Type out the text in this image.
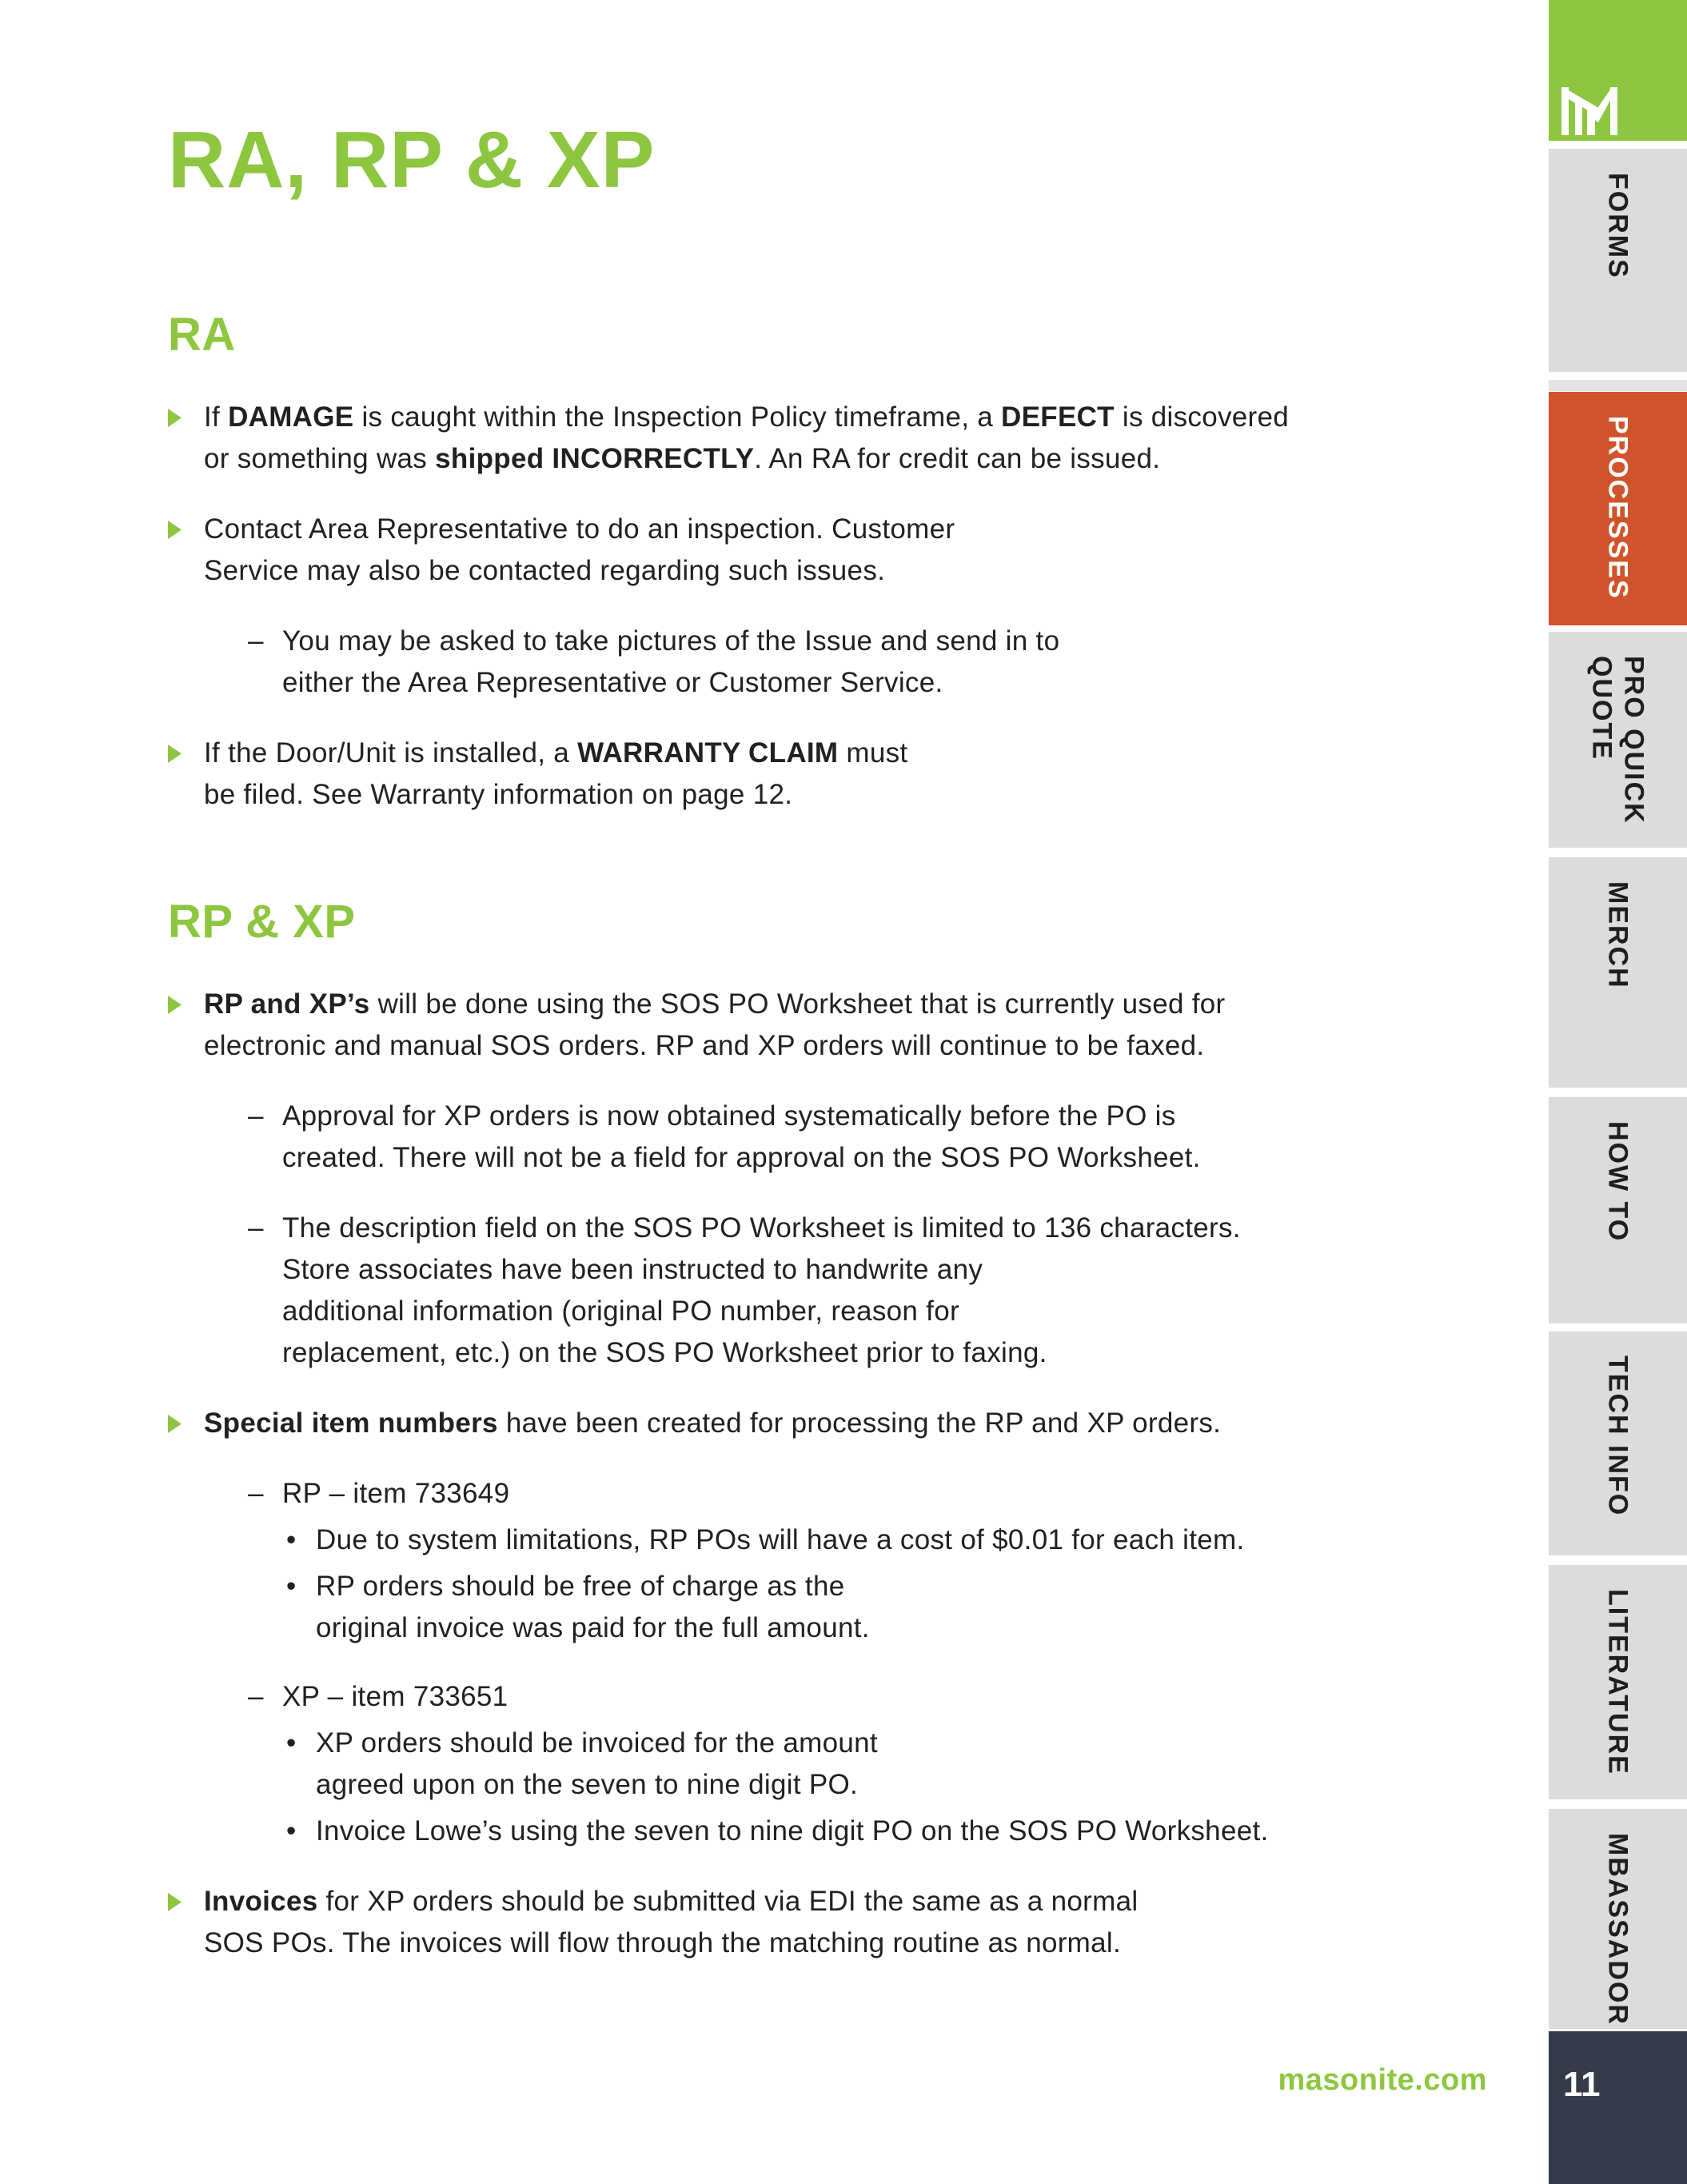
RA, RP & XP
RA
If DAMAGE is caught within the Inspection Policy timeframe, a DEFECT is discovered
or something was shipped INCORRECTLY. An RA for credit can be issued.
Contact Area Representative to do an inspection. Customer
Service may also be contacted regarding such issues.
– You may be asked to take pictures of the Issue and send in to
either the Area Representative or Customer Service.
If the Door/Unit is installed, a WARRANTY CLAIM must
be filed. See Warranty information on page 12.
RP & XP
RP and XP’s will be done using the SOS PO Worksheet that is currently used for
electronic and manual SOS orders. RP and XP orders will continue to be faxed.
– Approval for XP orders is now obtained systematically before the PO is
created. There will not be a field for approval on the SOS PO Worksheet.
– The description field on the SOS PO Worksheet is limited to 136 characters.
Store associates have been instructed to handwrite any
additional information (original PO number, reason for
replacement, etc.) on the SOS PO Worksheet prior to faxing.
Special item numbers have been created for processing the RP and XP orders.
– RP – item 733649
• Due to system limitations, RP POs will have a cost of $0.01 for each item.
• RP orders should be free of charge as the
original invoice was paid for the full amount.
– XP – item 733651
• XP orders should be invoiced for the amount
agreed upon on the seven to nine digit PO.
• Invoice Lowe’s using the seven to nine digit PO on the SOS PO Worksheet.
Invoices for XP orders should be submitted via EDI the same as a normal
SOS POs. The invoices will flow through the matching routine as normal.
masonite.com
FORMS
PROCESSES
PRO QUICK QUOTE
MERCH
HOW TO
TECH INFO
LITERATURE
MBASSADOR
11
